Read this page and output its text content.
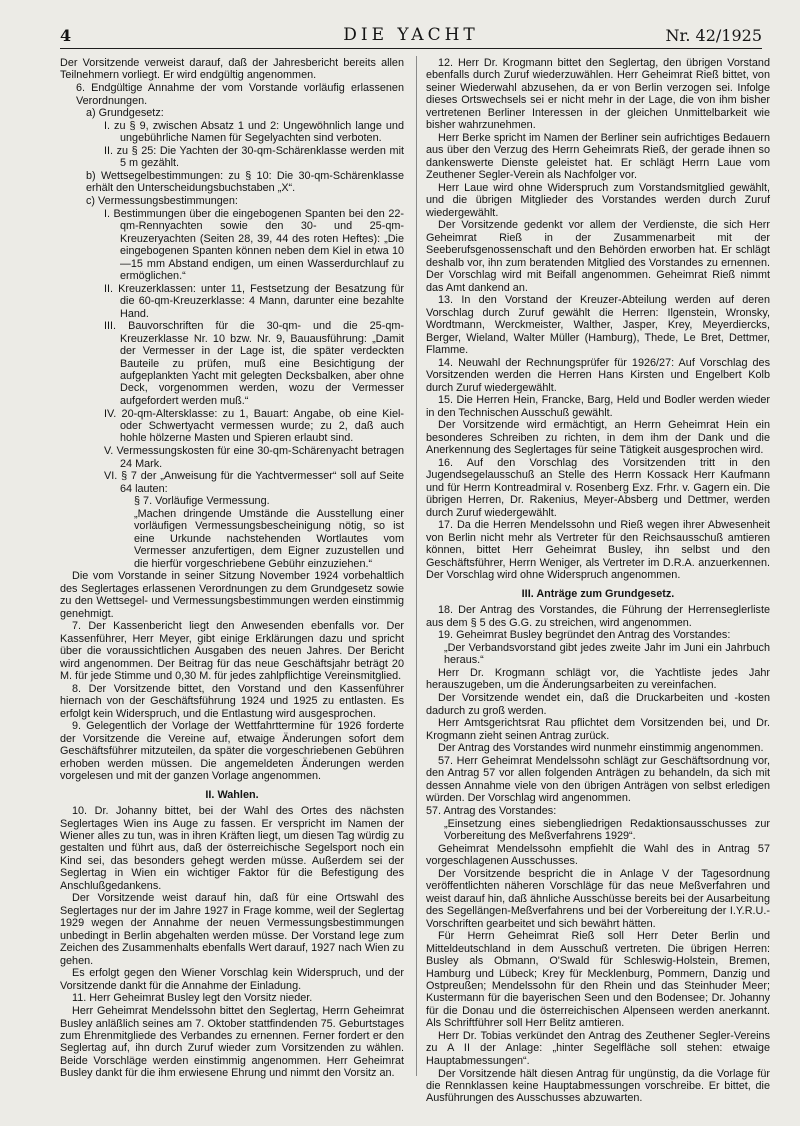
4	DIE YACHT	Nr. 42/1925

Der Vorsitzende verweist darauf, daß der Jahresbericht bereits allen Teilnehmern vorliegt. Er wird endgültig angenommen.

6. Endgültige Annahme der vom Vorstande vorläufig erlassenen Verordnungen.

a) Grundgesetz:

I. zu § 9, zwischen Absatz 1 und 2: Ungewöhnlich lange und ungebührliche Namen für Segelyachten sind verboten.

II. zu § 25: Die Yachten der 30-qm-Schärenklasse werden mit 5 m gezählt.

b) Wettsegelbestimmungen: zu § 10: Die 30-qm-Schärenklasse erhält den Unterscheidungsbuchstaben „X“.

c) Vermessungsbestimmungen:

I. Bestimmungen über die eingebogenen Spanten bei den 22-qm-Rennyachten sowie den 30- und 25-qm-Kreuzeryachten (Seiten 28, 39, 44 des roten Heftes): „Die eingebogenen Spanten können neben dem Kiel in etwa 10—15 mm Abstand endigen, um einen Wasserdurchlauf zu ermöglichen.“

II. Kreuzerklassen: unter 11, Festsetzung der Besatzung für die 60-qm-Kreuzerklasse: 4 Mann, darunter eine bezahlte Hand.

III. Bauvorschriften für die 30-qm- und die 25-qm-Kreuzerklasse Nr. 10 bzw. Nr. 9, Bauausführung: „Damit der Vermesser in der Lage ist, die später verdeckten Bauteile zu prüfen, muß eine Besichtigung der aufgeplankten Yacht mit gelegten Decksbalken, aber ohne Deck, vorgenommen werden, wozu der Vermesser aufgefordert werden muß.“

IV. 20-qm-Altersklasse: zu 1, Bauart: Angabe, ob eine Kiel- oder Schwertyacht vermessen wurde; zu 2, daß auch hohle hölzerne Masten und Spieren erlaubt sind.

V. Vermessungskosten für eine 30-qm-Schärenyacht betragen 24 Mark.

VI. § 7 der „Anweisung für die Yachtvermesser“ soll auf Seite 64 lauten:

§ 7. Vorläufige Vermessung.

„Machen dringende Umstände die Ausstellung einer vorläufigen Vermessungsbescheinigung nötig, so ist eine Urkunde nachstehenden Wortlautes vom Vermesser anzufertigen, dem Eigner zuzustellen und die hierfür vorgeschriebene Gebühr einzuziehen.“

Die vom Vorstande in seiner Sitzung November 1924 vorbehaltlich des Seglertages erlassenen Verordnungen zu dem Grundgesetz sowie zu den Wettsegel- und Vermessungsbestimmungen werden einstimmig genehmigt.

7. Der Kassenbericht liegt den Anwesenden ebenfalls vor. Der Kassenführer, Herr Meyer, gibt einige Erklärungen dazu und spricht über die voraussichtlichen Ausgaben des neuen Jahres. Der Bericht wird angenommen. Der Beitrag für das neue Geschäftsjahr beträgt 20 M. für jede Stimme und 0,30 M. für jedes zahlpflichtige Vereinsmitglied.

8. Der Vorsitzende bittet, den Vorstand und den Kassenführer hiernach von der Geschäftsführung 1924 und 1925 zu entlasten. Es erfolgt kein Widerspruch, und die Entlastung wird ausgesprochen.

9. Gelegentlich der Vorlage der Wettfahrttermine für 1926 forderte der Vorsitzende die Vereine auf, etwaige Änderungen sofort dem Geschäftsführer mitzuteilen, da später die vorgeschriebenen Gebühren erhoben werden müssen. Die angemeldeten Änderungen werden vorgelesen und mit der ganzen Vorlage angenommen.

II. Wahlen.

10. Dr. Johanny bittet, bei der Wahl des Ortes des nächsten Seglertages Wien ins Auge zu fassen. Er verspricht im Namen der Wiener alles zu tun, was in ihren Kräften liegt, um diesen Tag würdig zu gestalten und führt aus, daß der österreichische Segelsport noch ein Kind sei, das besonders gehegt werden müsse. Außerdem sei der Seglertag in Wien ein wichtiger Faktor für die Befestigung des Anschlußgedankens.

Der Vorsitzende weist darauf hin, daß für eine Ortswahl des Seglertages nur der im Jahre 1927 in Frage komme, weil der Seglertag 1929 wegen der Annahme der neuen Vermessungsbestimmungen unbedingt in Berlin abgehalten werden müsse. Der Vorstand lege zum Zeichen des Zusammenhalts ebenfalls Wert darauf, 1927 nach Wien zu gehen.

Es erfolgt gegen den Wiener Vorschlag kein Widerspruch, und der Vorsitzende dankt für die Annahme der Einladung.

11. Herr Geheimrat Busley legt den Vorsitz nieder.

Herr Geheimrat Mendelssohn bittet den Seglertag, Herrn Geheimrat Busley anläßlich seines am 7. Oktober stattfindenden 75. Geburtstages zum Ehrenmitgliede des Verbandes zu ernennen. Ferner fordert er den Seglertag auf, ihn durch Zuruf wieder zum Vorsitzenden zu wählen. Beide Vorschläge werden einstimmig angenommen. Herr Geheimrat Busley dankt für die ihm erwiesene Ehrung und nimmt den Vorsitz an.

12. Herr Dr. Krogmann bittet den Seglertag, den übrigen Vorstand ebenfalls durch Zuruf wiederzuwählen. Herr Geheimrat Rieß bittet, von seiner Wiederwahl abzusehen, da er von Berlin verzogen sei. Infolge dieses Ortswechsels sei er nicht mehr in der Lage, die von ihm bisher vertretenen Berliner Interessen in der gleichen Unmittelbarkeit wie bisher wahrzunehmen.

Herr Berke spricht im Namen der Berliner sein aufrichtiges Bedauern aus über den Verzug des Herrn Geheimrats Rieß, der gerade ihnen so dankenswerte Dienste geleistet hat. Er schlägt Herrn Laue vom Zeuthener Segler-Verein als Nachfolger vor.

Herr Laue wird ohne Widerspruch zum Vorstandsmitglied gewählt, und die übrigen Mitglieder des Vorstandes werden durch Zuruf wiedergewählt.

Der Vorsitzende gedenkt vor allem der Verdienste, die sich Herr Geheimrat Rieß in der Zusammenarbeit mit der Seeberufsgenossenschaft und den Behörden erworben hat. Er schlägt deshalb vor, ihn zum beratenden Mitglied des Vorstandes zu ernennen. Der Vorschlag wird mit Beifall angenommen. Geheimrat Rieß nimmt das Amt dankend an.

13. In den Vorstand der Kreuzer-Abteilung werden auf deren Vorschlag durch Zuruf gewählt die Herren: Ilgenstein, Wronsky, Wordtmann, Werckmeister, Walther, Jasper, Krey, Meyerdiercks, Berger, Wieland, Walter Müller (Hamburg), Thede, Le Bret, Dettmer, Flamme.

14. Neuwahl der Rechnungsprüfer für 1926/27: Auf Vorschlag des Vorsitzenden werden die Herren Hans Kirsten und Engelbert Kolb durch Zuruf wiedergewählt.

15. Die Herren Hein, Francke, Barg, Held und Bodler werden wieder in den Technischen Ausschuß gewählt.

Der Vorsitzende wird ermächtigt, an Herrn Geheimrat Hein ein besonderes Schreiben zu richten, in dem ihm der Dank und die Anerkennung des Seglertages für seine Tätigkeit ausgesprochen wird.

16. Auf den Vorschlag des Vorsitzenden tritt in den Jugendsegelausschuß an Stelle des Herrn Kossack Herr Kaufmann und für Herrn Kontreadmiral v. Rosenberg Exz. Frhr. v. Gagern ein. Die übrigen Herren, Dr. Rakenius, Meyer-Absberg und Dettmer, werden durch Zuruf wiedergewählt.

17. Da die Herren Mendelssohn und Rieß wegen ihrer Abwesenheit von Berlin nicht mehr als Vertreter für den Reichsausschuß amtieren können, bittet Herr Geheimrat Busley, ihn selbst und den Geschäftsführer, Herrn Weniger, als Vertreter im D.R.A. anzuerkennen. Der Vorschlag wird ohne Widerspruch angenommen.

III. Anträge zum Grundgesetz.

18. Der Antrag des Vorstandes, die Führung der Herrenseglerliste aus dem § 5 des G.G. zu streichen, wird angenommen.

19. Geheimrat Busley begründet den Antrag des Vorstandes:

„Der Verbandsvorstand gibt jedes zweite Jahr im Juni ein Jahrbuch heraus.“

Herr Dr. Krogmann schlägt vor, die Yachtliste jedes Jahr herauszugeben, um die Änderungsarbeiten zu vereinfachen.

Der Vorsitzende wendet ein, daß die Druckarbeiten und -kosten dadurch zu groß werden.

Herr Amtsgerichtsrat Rau pflichtet dem Vorsitzenden bei, und Dr. Krogmann zieht seinen Antrag zurück.

Der Antrag des Vorstandes wird nunmehr einstimmig angenommen.

57. Herr Geheimrat Mendelssohn schlägt zur Geschäftsordnung vor, den Antrag 57 vor allen folgenden Anträgen zu behandeln, da sich mit dessen Annahme viele von den übrigen Anträgen von selbst erledigen würden. Der Vorschlag wird angenommen.

57. Antrag des Vorstandes:

„Einsetzung eines siebengliedrigen Redaktionsausschusses zur Vorbereitung des Meßverfahrens 1929“.

Geheimrat Mendelssohn empfiehlt die Wahl des in Antrag 57 vorgeschlagenen Ausschusses.

Der Vorsitzende bespricht die in Anlage V der Tagesordnung veröffentlichten näheren Vorschläge für das neue Meßverfahren und weist darauf hin, daß ähnliche Ausschüsse bereits bei der Ausarbeitung des Segellängen-Meßverfahrens und bei der Vorbereitung der I.Y.R.U.-Vorschriften gearbeitet und sich bewährt hätten.

Für Herrn Geheimrat Rieß soll Herr Deter Berlin und Mitteldeutschland in dem Ausschuß vertreten. Die übrigen Herren: Busley als Obmann, O'Swald für Schleswig-Holstein, Bremen, Hamburg und Lübeck; Krey für Mecklenburg, Pommern, Danzig und Ostpreußen; Mendelssohn für den Rhein und das Steinhuder Meer; Kustermann für die bayerischen Seen und den Bodensee; Dr. Johanny für die Donau und die österreichischen Alpenseen werden anerkannt. Als Schriftführer soll Herr Belitz amtieren.

Herr Dr. Tobias verkündet den Antrag des Zeuthener Segler-Vereins zu A II der Anlage: „hinter Segelfläche soll stehen: etwaige Hauptabmessungen“.

Der Vorsitzende hält diesen Antrag für ungünstig, da die Vorlage für die Rennklassen keine Hauptabmessungen vorschreibe. Er bittet, die Ausführungen des Ausschusses abzuwarten.
